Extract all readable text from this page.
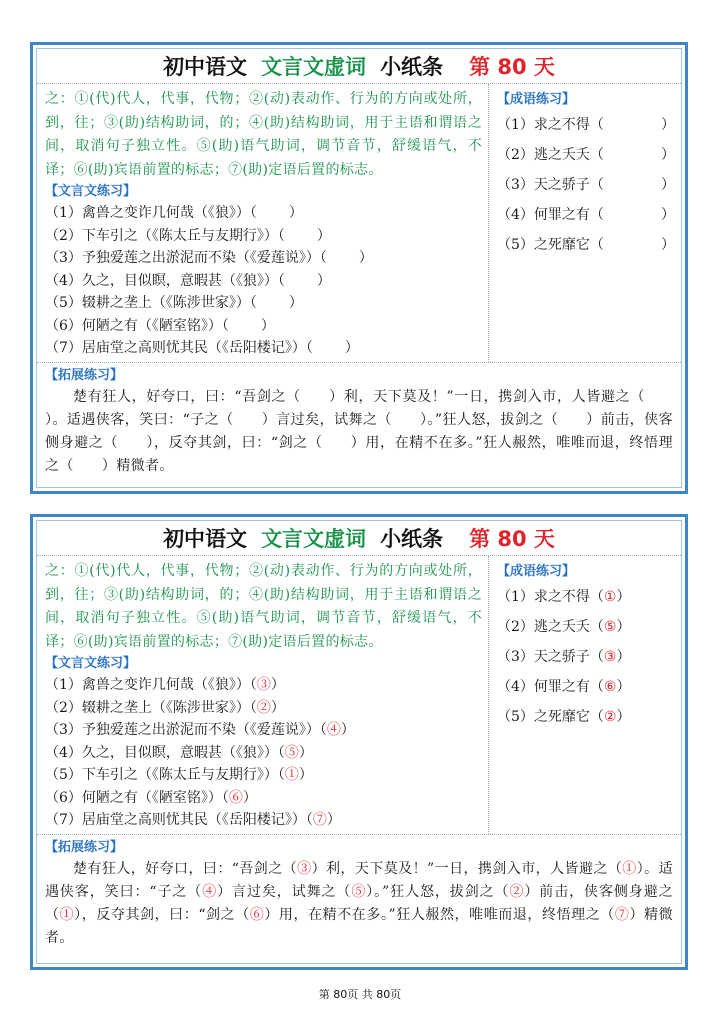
初中语文 文言文虚词 小纸条 第 80 天
之：①(代)代人，代事，代物；②(动)表动作、行为的方向或处所，到，往；③(助)结构助词，的；④(助)结构助词，用于主语和谓语之间，取消句子独立性。⑤(助)语气助词，调节音节，舒缓语气，不译；⑥(助)宾语前置的标志；⑦(助)定语后置的标志。
【文言文练习】
（1）禽兽之变诈几何哉（《狼》）（ ）
（2）下车引之（《陈太丘与友期行》）（ ）
（3）予独爱莲之出淤泥而不染（《爱莲说》）（ ）
（4）久之，目似瞑，意暇甚（《狼》）（ ）
（5）辍耕之垄上（《陈涉世家》）（ ）
（6）何陋之有（《陋室铭》）（ ）
（7）居庙堂之高则忧其民（《岳阳楼记》）（ ）
【成语练习】
（1）求之不得（	）
（2）逃之夭夭（	）
（3）天之骄子（	）
（4）何罪之有（	）
（5）之死靡它（	）
【拓展练习】
楚有狂人，好夸口，曰：“吾剑之（ ）利，天下莫及！”一日，携剑入市，人皆避之（）。适遇侠客，笑曰：“子之（ ）言过矣，试舞之（ ）。”狂人怒，拔剑之（ ）前击，侠客侧身避之（ ），反夺其剑，曰：“剑之（ ）用，在精不在多。”狂人赧然，唯唯而退，终悟理之（ ）精微者。
初中语文 文言文虚词 小纸条 第 80 天
之：①(代)代人，代事，代物；②(动)表动作、行为的方向或处所，到，往；③(助)结构助词，的；④(助)结构助词，用于主语和谓语之间，取消句子独立性。⑤(助)语气助词，调节音节，舒缓语气，不译；⑥(助)宾语前置的标志；⑦(助)定语后置的标志。
【文言文练习】
（1）禽兽之变诈几何哉（《狼》）（③）
（2）辍耕之垄上（《陈涉世家》）（②）
（3）予独爱莲之出淤泥而不染（《爱莲说》）（④）
（4）久之，目似瞑，意暇甚（《狼》）（⑤）
（5）下车引之（《陈太丘与友期行》）（①）
（6）何陋之有（《陋室铭》）（⑥）
（7）居庙堂之高则忧其民（《岳阳楼记》）（⑦）
【成语练习】
（1）求之不得（ ① ）
（2）逃之夭夭（ ⑤ ）
（3）天之骄子（ ③ ）
（4）何罪之有（ ⑥ ）
（5）之死靡它（ ② ）
【拓展练习】
楚有狂人，好夸口，曰：“吾剑之（③）利，天下莫及！”一日，携剑入市，人皆避之（①）。适遇侠客，笑曰：“子之（④）言过矣，试舞之（⑤）。”狂人怒，拔剑之（②）前击，侠客侧身避之（①），反夺其剑，曰：“剑之（⑥）用，在精不在多。”狂人赧然，唯唯而退，终悟理之（⑦）精微者。
第 80页 共 80页
